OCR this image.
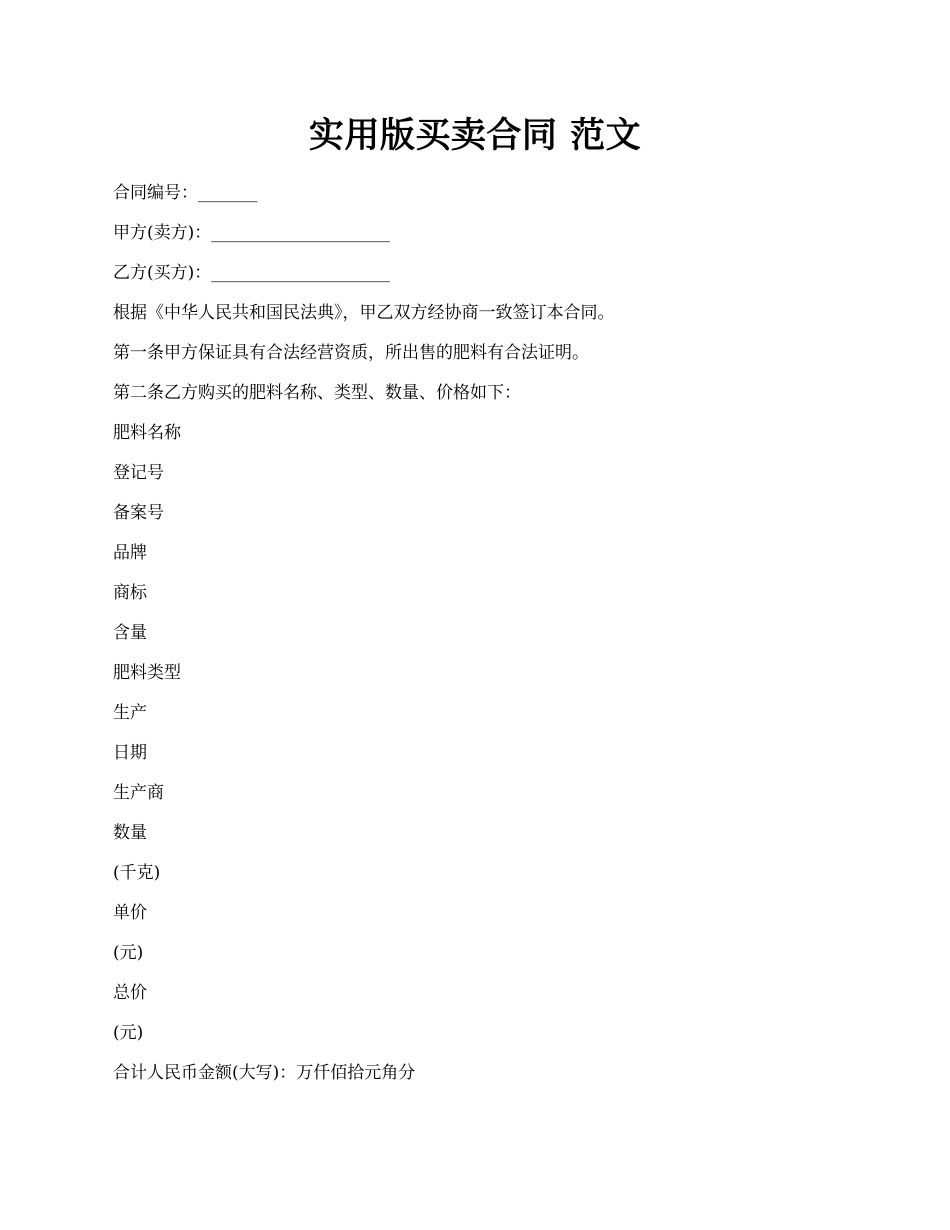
实用版买卖合同 范文
合同编号：_______
甲方(卖方)：_____________________
乙方(买方)：_____________________
根据《中华人民共和国民法典》，甲乙双方经协商一致签订本合同。
第一条甲方保证具有合法经营资质，所出售的肥料有合法证明。
第二条乙方购买的肥料名称、类型、数量、价格如下：
肥料名称
登记号
备案号
品牌
商标
含量
肥料类型
生产
日期
生产商
数量
(千克)
单价
(元)
总价
(元)
合计人民币金额(大写)：万仟佰拾元角分
